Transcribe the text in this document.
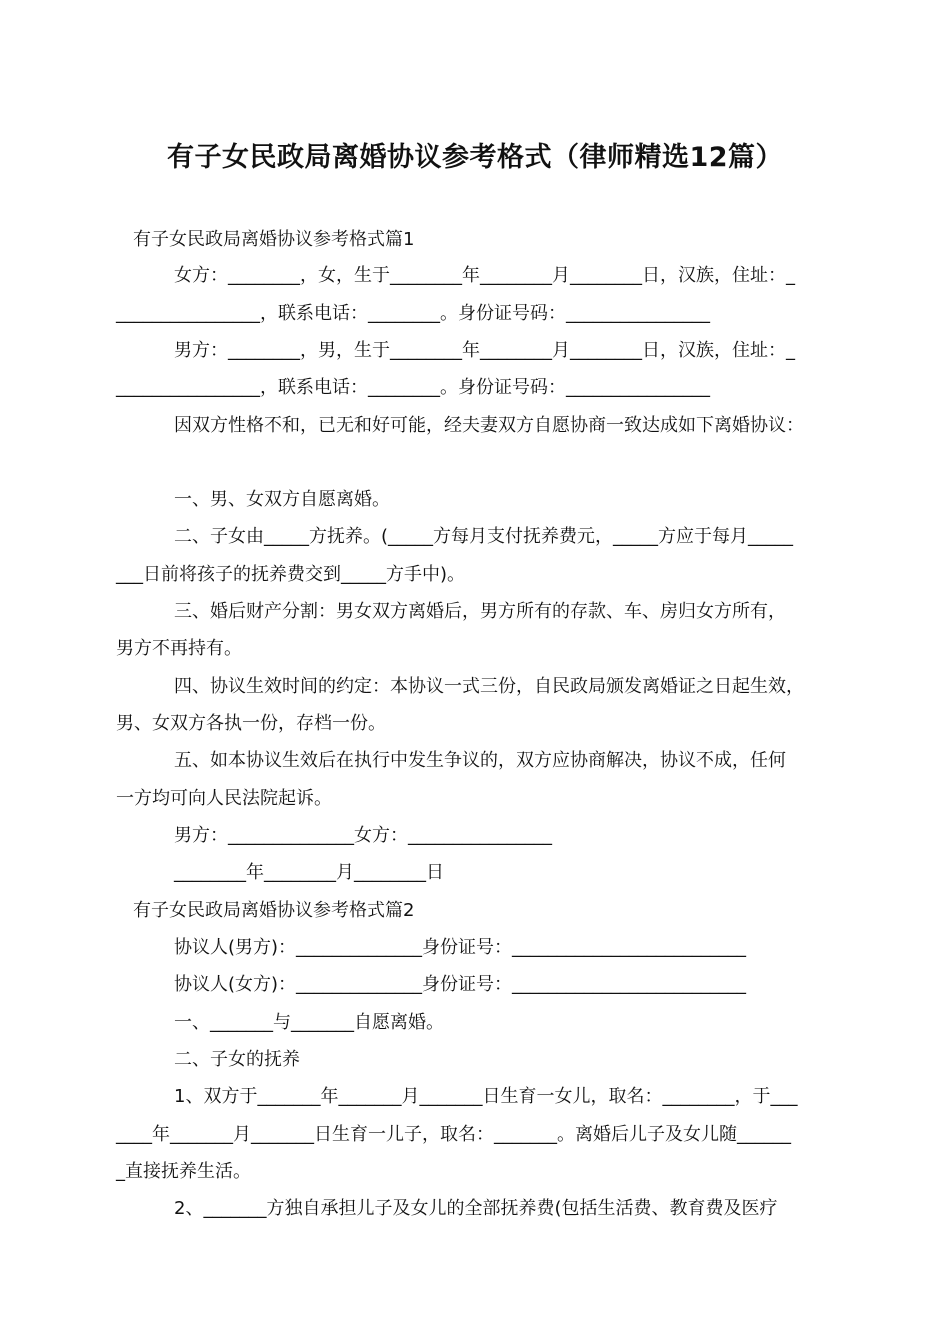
有子女民政局离婚协议参考格式（律师精选12篇）
有子女民政局离婚协议参考格式篇1
女方：________，女，生于________年________月________日，汉族，住址：_
________________，联系电话：________。身份证号码：________________
男方：________，男，生于________年________月________日，汉族，住址：_
________________，联系电话：________。身份证号码：________________
因双方性格不和，已无和好可能，经夫妻双方自愿协商一致达成如下离婚协议：
一、男、女双方自愿离婚。
二、子女由_____方抚养。(_____方每月支付抚养费元，_____方应于每月_____
___日前将孩子的抚养费交到_____方手中)。
三、婚后财产分割：男女双方离婚后，男方所有的存款、车、房归女方所有，
男方不再持有。
四、协议生效时间的约定：本协议一式三份，自民政局颁发离婚证之日起生效，
男、女双方各执一份，存档一份。
五、如本协议生效后在执行中发生争议的，双方应协商解决，协议不成，任何
一方均可向人民法院起诉。
男方：______________女方：________________
________年________月________日
有子女民政局离婚协议参考格式篇2
协议人(男方)：______________身份证号：__________________________
协议人(女方)：______________身份证号：__________________________
一、_______与_______自愿离婚。
二、子女的抚养
1、双方于_______年_______月_______日生育一女儿，取名：________，于___
____年_______月_______日生育一儿子，取名：_______。离婚后儿子及女儿随______
_直接抚养生活。
2、_______方独自承担儿子及女儿的全部抚养费(包括生活费、教育费及医疗
